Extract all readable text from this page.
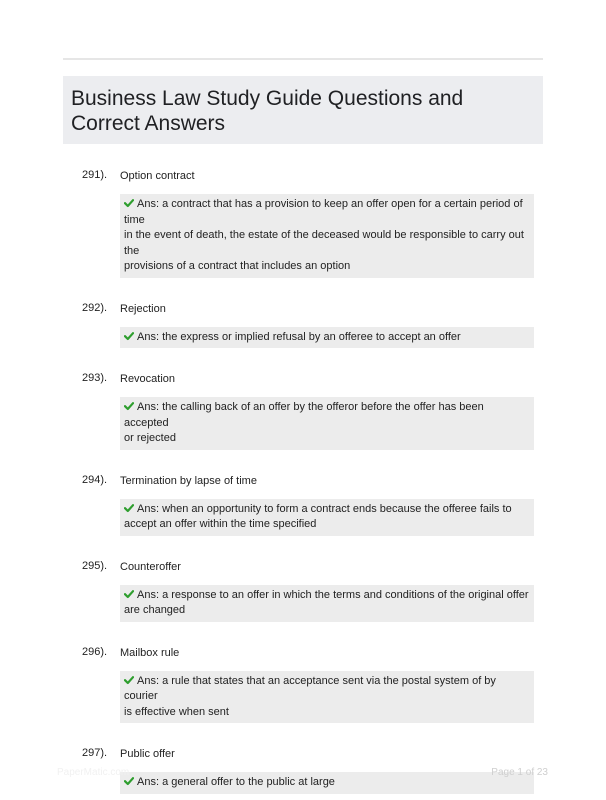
Business Law Study Guide Questions and Correct Answers
291). Option contract
Ans: a contract that has a provision to keep an offer open for a certain period of
time
in the event of death, the estate of the deceased would be responsible to carry out the
provisions of a contract that includes an option
292). Rejection
Ans: the express or implied refusal by an offeree to accept an offer
293). Revocation
Ans: the calling back of an offer by the offeror before the offer has been accepted
or rejected
294). Termination by lapse of time
Ans: when an opportunity to form a contract ends because the offeree fails to
accept an offer within the time specified
295). Counteroffer
Ans: a response to an offer in which the terms and conditions of the original offer
are changed
296). Mailbox rule
Ans: a rule that states that an acceptance sent via the postal system of by courier
is effective when sent
297). Public offer
Ans: a general offer to the public at large
PaperMatic.com	Page 1 of 23
